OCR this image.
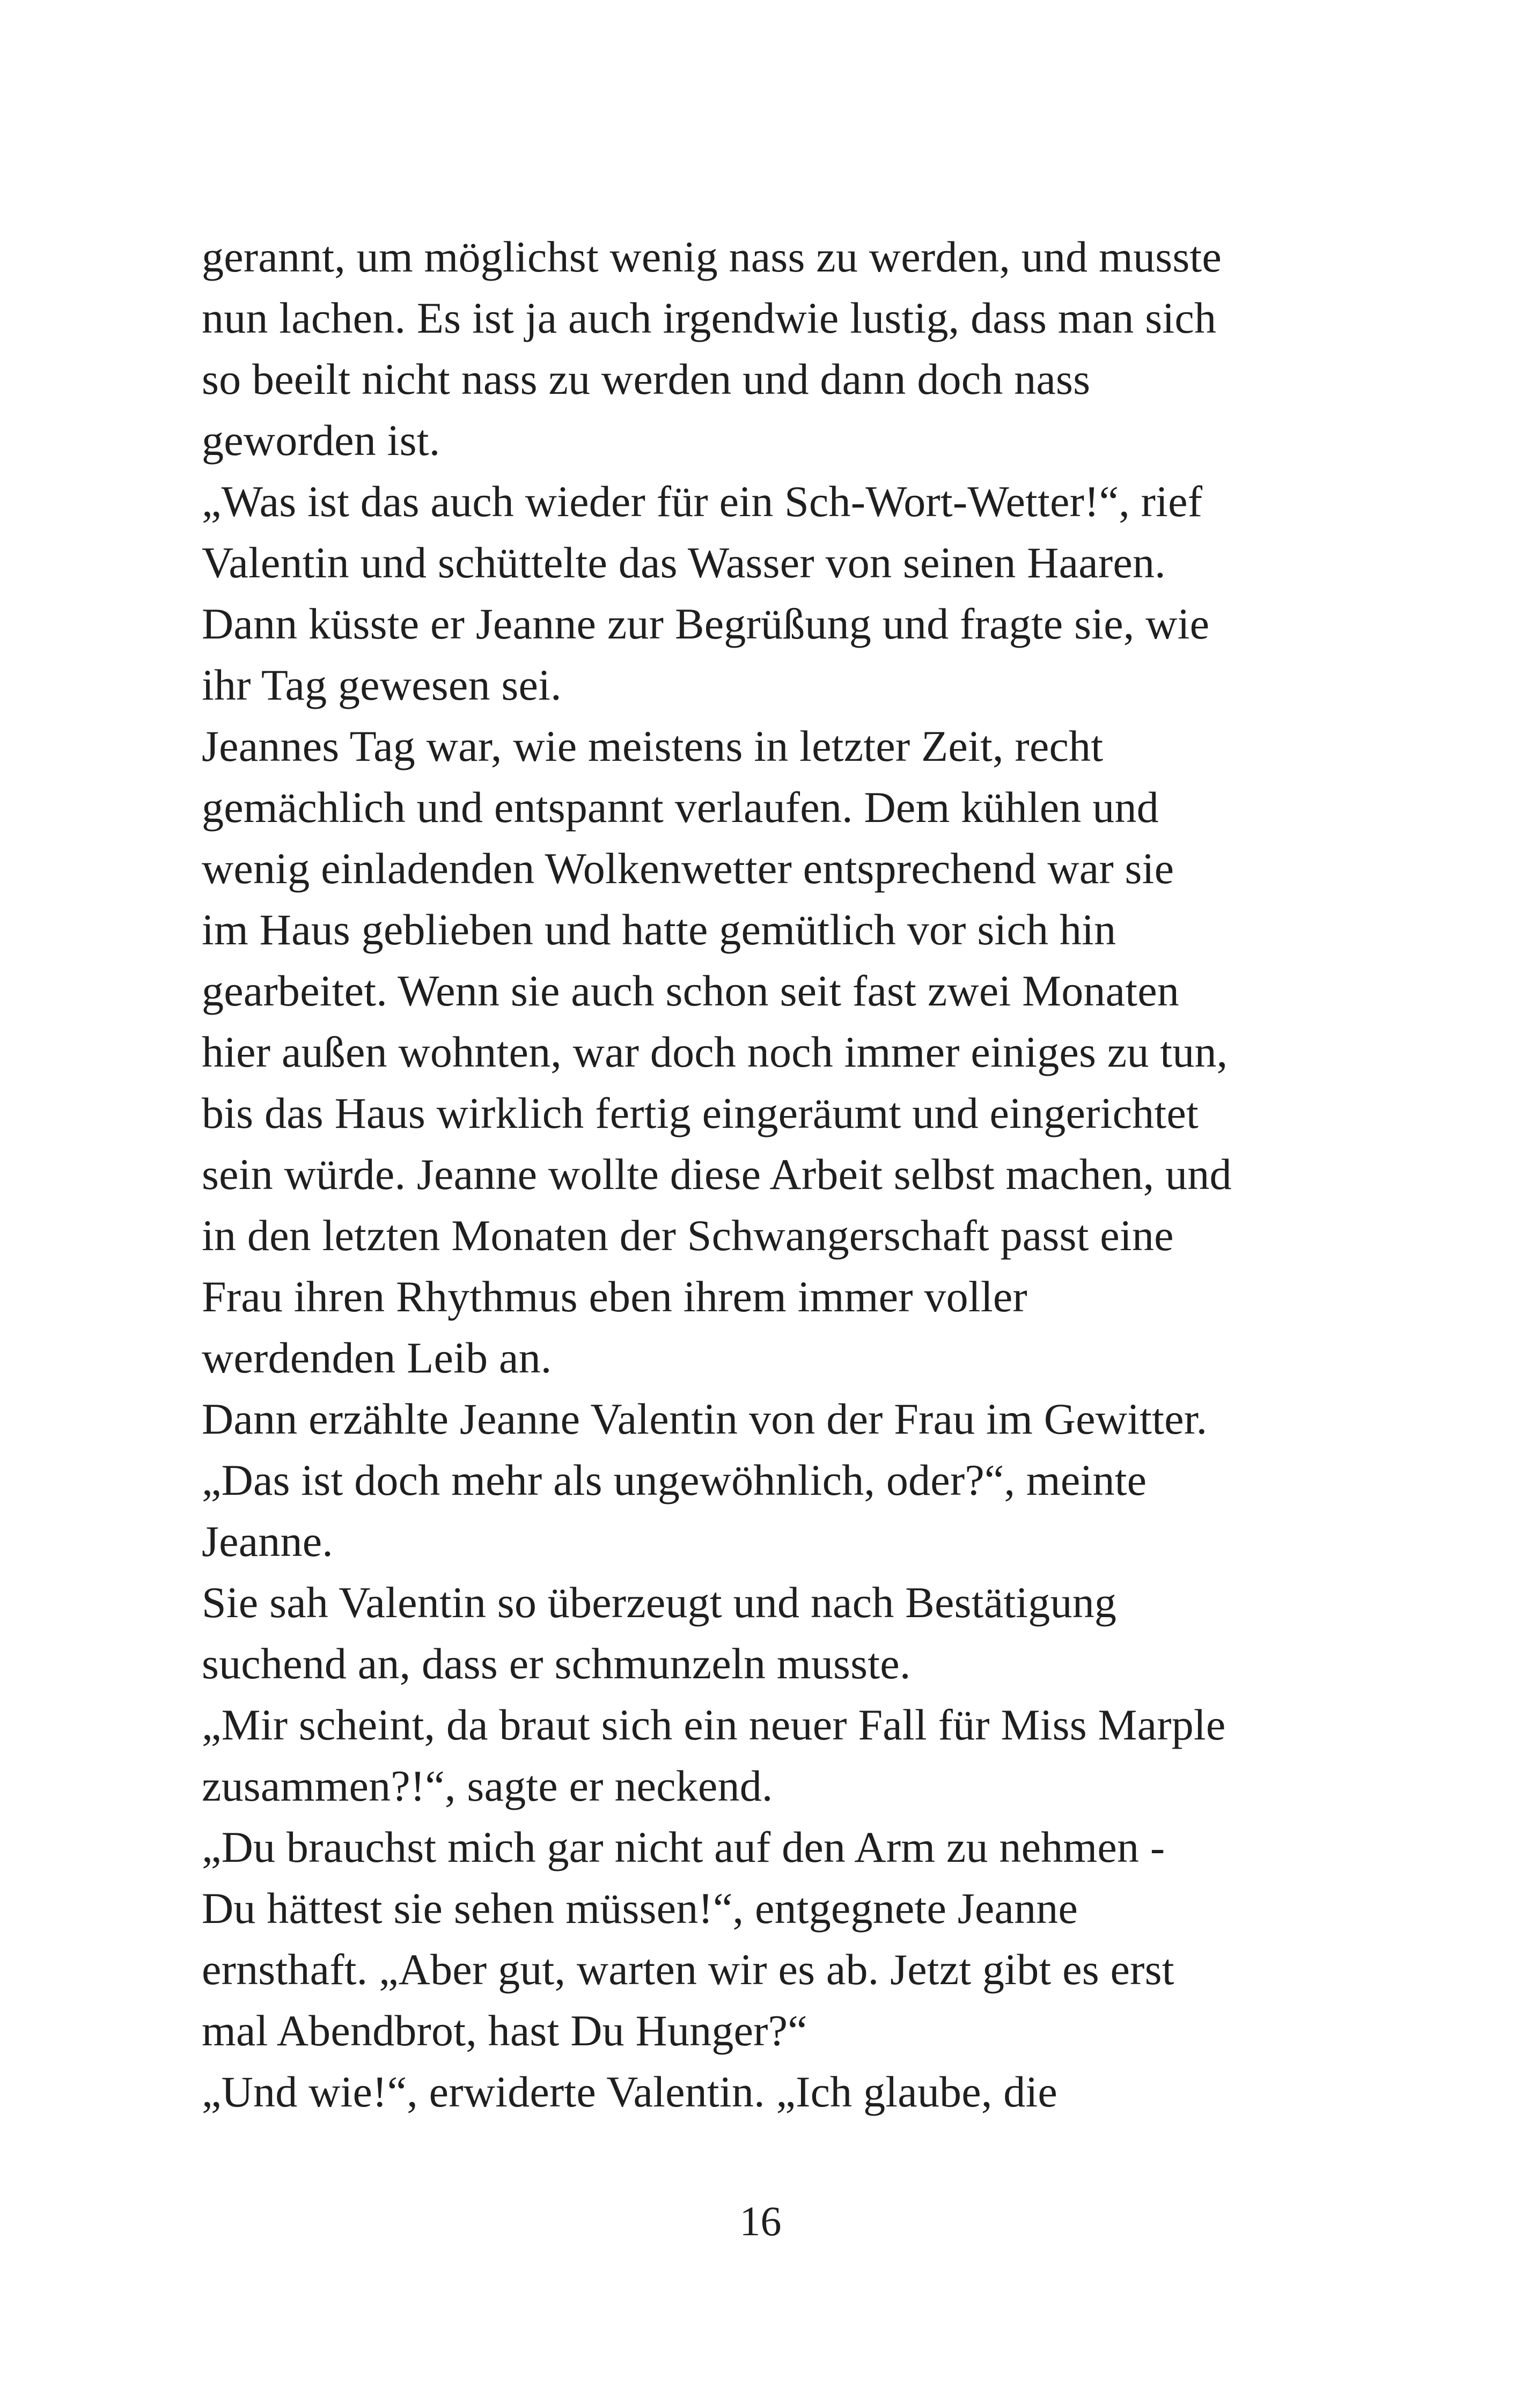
gerannt, um möglichst wenig nass zu werden, und musste
nun lachen. Es ist ja auch irgendwie lustig, dass man sich
so beeilt nicht nass zu werden und dann doch nass
geworden ist.
„Was ist das auch wieder für ein Sch-Wort-Wetter!“, rief
Valentin und schüttelte das Wasser von seinen Haaren.
Dann küsste er Jeanne zur Begrüßung und fragte sie, wie
ihr Tag gewesen sei.
Jeannes Tag war, wie meistens in letzter Zeit, recht
gemächlich und entspannt verlaufen. Dem kühlen und
wenig einladenden Wolkenwetter entsprechend war sie
im Haus geblieben und hatte gemütlich vor sich hin
gearbeitet. Wenn sie auch schon seit fast zwei Monaten
hier außen wohnten, war doch noch immer einiges zu tun,
bis das Haus wirklich fertig eingeräumt und eingerichtet
sein würde. Jeanne wollte diese Arbeit selbst machen, und
in den letzten Monaten der Schwangerschaft passt eine
Frau ihren Rhythmus eben ihrem immer voller
werdenden Leib an.
Dann erzählte Jeanne Valentin von der Frau im Gewitter.
„Das ist doch mehr als ungewöhnlich, oder?“, meinte
Jeanne.
Sie sah Valentin so überzeugt und nach Bestätigung
suchend an, dass er schmunzeln musste.
„Mir scheint, da braut sich ein neuer Fall für Miss Marple
zusammen?!“, sagte er neckend.
„Du brauchst mich gar nicht auf den Arm zu nehmen -
Du hättest sie sehen müssen!“, entgegnete Jeanne
ernsthaft. „Aber gut, warten wir es ab. Jetzt gibt es erst
mal Abendbrot, hast Du Hunger?“
„Und wie!“, erwiderte Valentin. „Ich glaube, die
16
